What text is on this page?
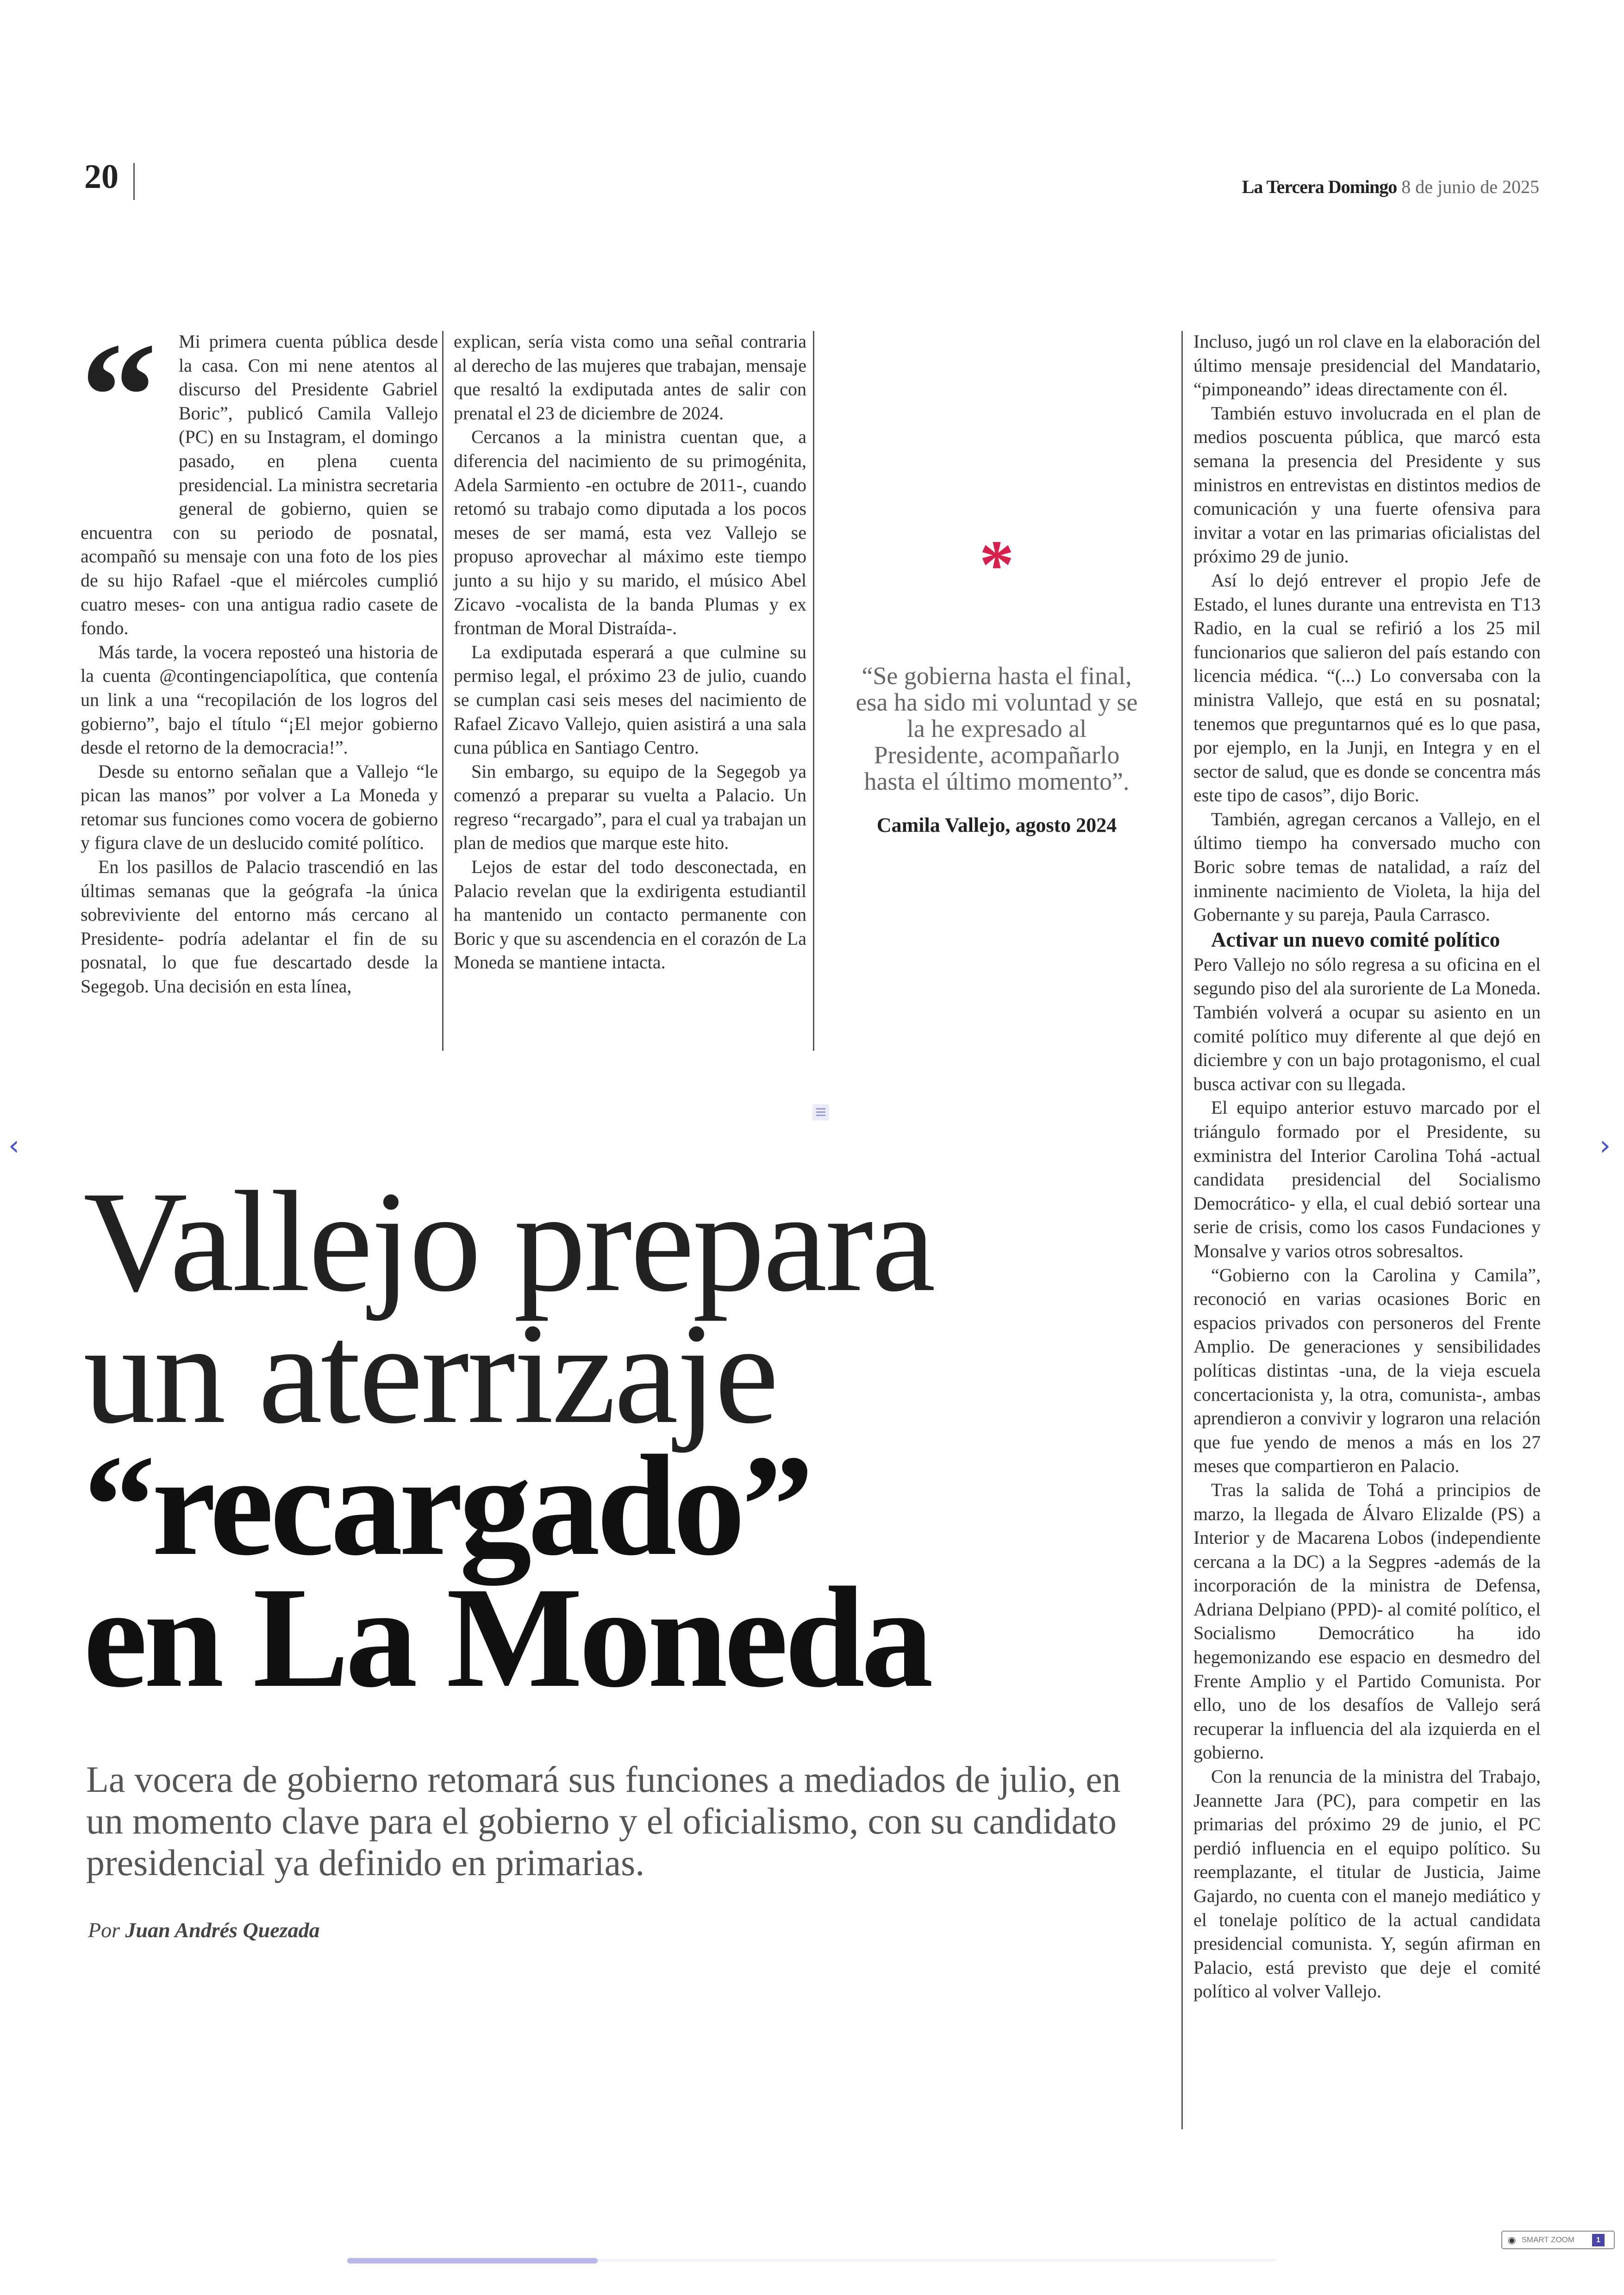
20	La Tercera Domingo 8 de junio de 2025
“	Mi primera cuenta pública desde la casa. Con mi nene atentos al discurso del Presidente Gabriel Boric”, publicó Camila Vallejo (PC) en su Instagram, el domingo pasado, en plena cuenta presidencial. La ministra secretaria general de gobierno, quien se encuentra con su periodo de posnatal, acompañó su mensaje con una foto de los pies de su hijo Rafael -que el miércoles cumplió cuatro meses- con una antigua radio casete de fondo.

Más tarde, la vocera reposteó una historia de la cuenta @contingenciapolítica, que contenía un link a una “recopilación de los logros del gobierno”, bajo el título “¡El mejor gobierno desde el retorno de la democracia!”.

Desde su entorno señalan que a Vallejo “le pican las manos” por volver a La Moneda y retomar sus funciones como vocera de gobierno y figura clave de un deslucido comité político.

En los pasillos de Palacio trascendió en las últimas semanas que la geógrafa -la única sobreviviente del entorno más cercano al Presidente- podría adelantar el fin de su posnatal, lo que fue descartado desde la Segegob. Una decisión en esta línea,

explican, sería vista como una señal contraria al derecho de las mujeres que trabajan, mensaje que resaltó la exdiputada antes de salir con prenatal el 23 de diciembre de 2024.

Cercanos a la ministra cuentan que, a diferencia del nacimiento de su primogénita, Adela Sarmiento -en octubre de 2011-, cuando retomó su trabajo como diputada a los pocos meses de ser mamá, esta vez Vallejo se propuso aprovechar al máximo este tiempo junto a su hijo y su marido, el músico Abel Zicavo -vocalista de la banda Plumas y ex frontman de Moral Distraída-.

La exdiputada esperará a que culmine su permiso legal, el próximo 23 de julio, cuando se cumplan casi seis meses del nacimiento de Rafael Zicavo Vallejo, quien asistirá a una sala cuna pública en Santiago Centro.

Sin embargo, su equipo de la Segegob ya comenzó a preparar su vuelta a Palacio. Un regreso “recargado”, para el cual ya trabajan un plan de medios que marque este hito.

Lejos de estar del todo desconectada, en Palacio revelan que la exdirigenta estudiantil ha mantenido un contacto permanente con Boric y que su ascendencia en el corazón de La Moneda se mantiene intacta.

*
“Se gobierna hasta el final, esa ha sido mi voluntad y se la he expresado al Presidente, acompañarlo hasta el último momento”.
Camila Vallejo, agosto 2024

Incluso, jugó un rol clave en la elaboración del último mensaje presidencial del Mandatario, “pimponeando” ideas directamente con él.

También estuvo involucrada en el plan de medios poscuenta pública, que marcó esta semana la presencia del Presidente y sus ministros en entrevistas en distintos medios de comunicación y una fuerte ofensiva para invitar a votar en las primarias oficialistas del próximo 29 de junio.

Así lo dejó entrever el propio Jefe de Estado, el lunes durante una entrevista en T13 Radio, en la cual se refirió a los 25 mil funcionarios que salieron del país estando con licencia médica. “(...) Lo conversaba con la ministra Vallejo, que está en su posnatal; tenemos que preguntarnos qué es lo que pasa, por ejemplo, en la Junji, en Integra y en el sector de salud, que es donde se concentra más este tipo de casos”, dijo Boric.

También, agregan cercanos a Vallejo, en el último tiempo ha conversado mucho con Boric sobre temas de natalidad, a raíz del inminente nacimiento de Violeta, la hija del Gobernante y su pareja, Paula Carrasco.

Activar un nuevo comité político

Pero Vallejo no sólo regresa a su oficina en el segundo piso del ala suroriente de La Moneda. También volverá a ocupar su asiento en un comité político muy diferente al que dejó en diciembre y con un bajo protagonismo, el cual busca activar con su llegada.

El equipo anterior estuvo marcado por el triángulo formado por el Presidente, su exministra del Interior Carolina Tohá -actual candidata presidencial del Socialismo Democrático- y ella, el cual debió sortear una serie de crisis, como los casos Fundaciones y Monsalve y varios otros sobresaltos.

“Gobierno con la Carolina y Camila”, reconoció en varias ocasiones Boric en espacios privados con personeros del Frente Amplio. De generaciones y sensibilidades políticas distintas -una, de la vieja escuela concertacionista y, la otra, comunista-, ambas aprendieron a convivir y lograron una relación que fue yendo de menos a más en los 27 meses que compartieron en Palacio.

Tras la salida de Tohá a principios de marzo, la llegada de Álvaro Elizalde (PS) a Interior y de Macarena Lobos (independiente cercana a la DC) a la Segpres -además de la incorporación de la ministra de Defensa, Adriana Delpiano (PPD)- al comité político, el Socialismo Democrático ha ido hegemonizando ese espacio en desmedro del Frente Amplio y el Partido Comunista. Por ello, uno de los desafíos de Vallejo será recuperar la influencia del ala izquierda en el gobierno.

Con la renuncia de la ministra del Trabajo, Jeannette Jara (PC), para competir en las primarias del próximo 29 de junio, el PC perdió influencia en el equipo político. Su reemplazante, el titular de Justicia, Jaime Gajardo, no cuenta con el manejo mediático y el tonelaje político de la actual candidata presidencial comunista. Y, según afirman en Palacio, está previsto que deje el comité político al volver Vallejo.

Vallejo prepara
un aterrizaje
“recargado”
en La Moneda
La vocera de gobierno retomará sus funciones a mediados de julio, en un momento clave para el gobierno y el oficialismo, con su candidato presidencial ya definido en primarias.
Por Juan Andrés Quezada
‹	›
◉ SMART ZOOM	1
